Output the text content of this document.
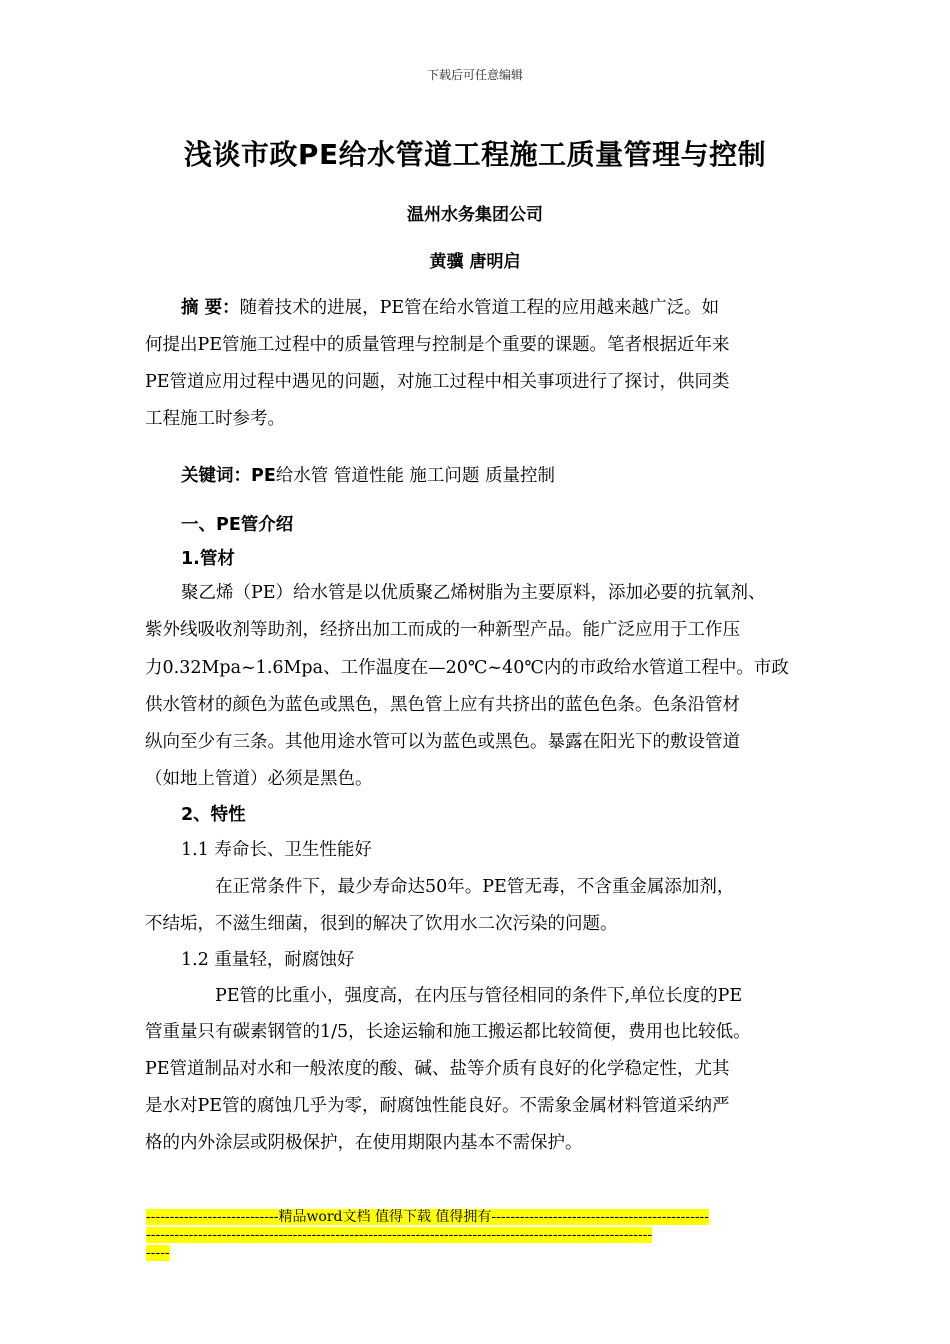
下载后可任意编辑
浅谈市政PE给水管道工程施工质量管理与控制
温州水务集团公司
黄骥 唐明启
摘 要：随着技术的进展，PE管在给水管道工程的应用越来越广泛。如
何提出PE管施工过程中的质量管理与控制是个重要的课题。笔者根据近年来
PE管道应用过程中遇见的问题，对施工过程中相关事项进行了探讨，供同类
工程施工时参考。
关键词：PE给水管 管道性能 施工问题 质量控制
一、PE管介绍
1.管材
聚乙烯（PE）给水管是以优质聚乙烯树脂为主要原料，添加必要的抗氧剂、
紫外线吸收剂等助剂，经挤出加工而成的一种新型产品。能广泛应用于工作压
力0.32Mpa~1.6Mpa、工作温度在—20℃~40℃内的市政给水管道工程中。市政
供水管材的颜色为蓝色或黑色，黑色管上应有共挤出的蓝色色条。色条沿管材
纵向至少有三条。其他用途水管可以为蓝色或黑色。暴露在阳光下的敷设管道
（如地上管道）必须是黑色。
2、特性
1.1 寿命长、卫生性能好
在正常条件下，最少寿命达50年。PE管无毒，不含重金属添加剂，
不结垢，不滋生细菌，很到的解决了饮用水二次污染的问题。
1.2 重量轻，耐腐蚀好
PE管的比重小，强度高，在内压与管径相同的条件下,单位长度的PE
管重量只有碳素钢管的1/5，长途运输和施工搬运都比较简便，费用也比较低。
PE管道制品对水和一般浓度的酸、碱、盐等介质有良好的化学稳定性，尤其
是水对PE管的腐蚀几乎为零，耐腐蚀性能良好。不需象金属材料管道采纳严
格的内外涂层或阴极保护，在使用期限内基本不需保护。
----------------------------精品word文档 值得下载 值得拥有----------------------------------------------
-----------------------------------------------------------------------------------------------------------
-----
